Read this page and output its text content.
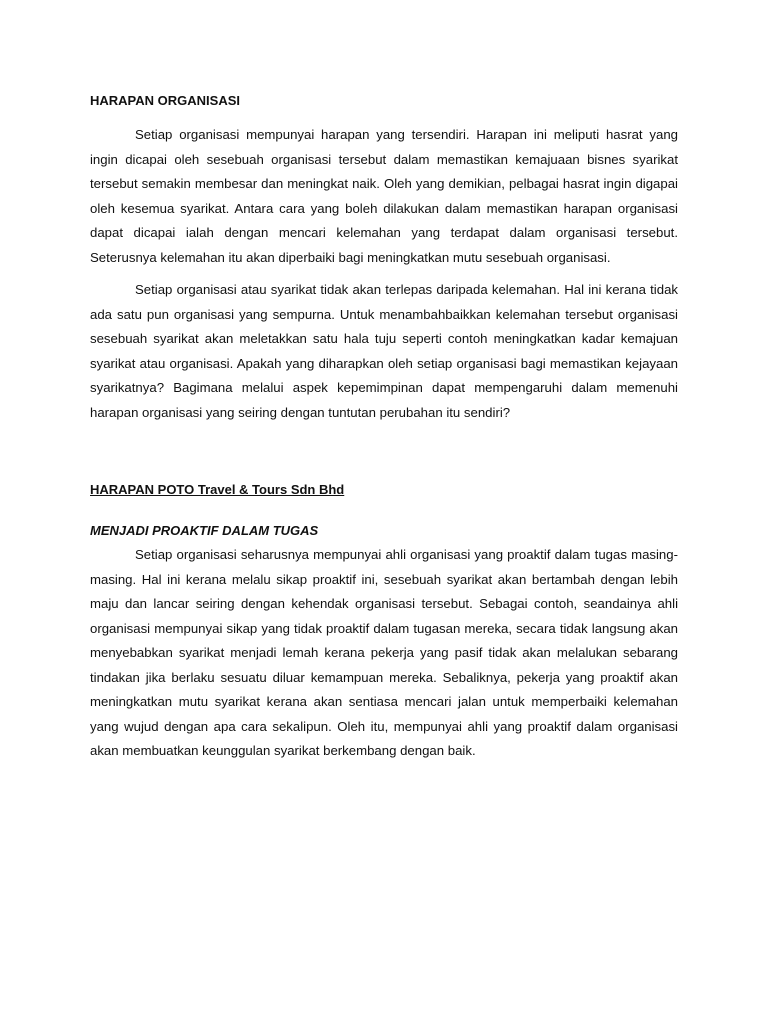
HARAPAN ORGANISASI

Setiap organisasi mempunyai harapan yang tersendiri. Harapan ini meliputi hasrat yang ingin dicapai oleh sesebuah organisasi tersebut dalam memastikan kemajuaan bisnes syarikat tersebut semakin membesar dan meningkat naik. Oleh yang demikian, pelbagai hasrat ingin digapai oleh kesemua syarikat. Antara cara yang boleh dilakukan dalam memastikan harapan organisasi dapat dicapai ialah dengan mencari kelemahan yang terdapat dalam organisasi tersebut. Seterusnya kelemahan itu akan diperbaiki bagi meningkatkan mutu sesebuah organisasi.

Setiap organisasi atau syarikat tidak akan terlepas daripada kelemahan. Hal ini kerana tidak ada satu pun organisasi yang sempurna. Untuk menambahbaikkan kelemahan tersebut organisasi sesebuah syarikat akan meletakkan satu hala tuju seperti contoh meningkatkan kadar kemajuan syarikat atau organisasi. Apakah yang diharapkan oleh setiap organisasi bagi memastikan kejayaan syarikatnya? Bagimana melalui aspek kepemimpinan dapat mempengaruhi dalam memenuhi harapan organisasi yang seiring dengan tuntutan perubahan itu sendiri?

HARAPAN POTO Travel & Tours Sdn Bhd
MENJADI PROAKTIF DALAM TUGAS

Setiap organisasi seharusnya mempunyai ahli organisasi yang proaktif dalam tugas masing-masing. Hal ini kerana melalu sikap proaktif ini, sesebuah syarikat akan bertambah dengan lebih maju dan lancar seiring dengan kehendak organisasi tersebut. Sebagai contoh, seandainya ahli organisasi mempunyai sikap yang tidak proaktif dalam tugasan mereka, secara tidak langsung akan menyebabkan syarikat menjadi lemah kerana pekerja yang pasif tidak akan melalukan sebarang tindakan jika berlaku sesuatu diluar kemampuan mereka. Sebaliknya, pekerja yang proaktif akan meningkatkan mutu syarikat kerana akan sentiasa mencari jalan untuk memperbaiki kelemahan yang wujud dengan apa cara sekalipun. Oleh itu, mempunyai ahli yang proaktif dalam organisasi akan membuatkan keunggulan syarikat berkembang dengan baik.
